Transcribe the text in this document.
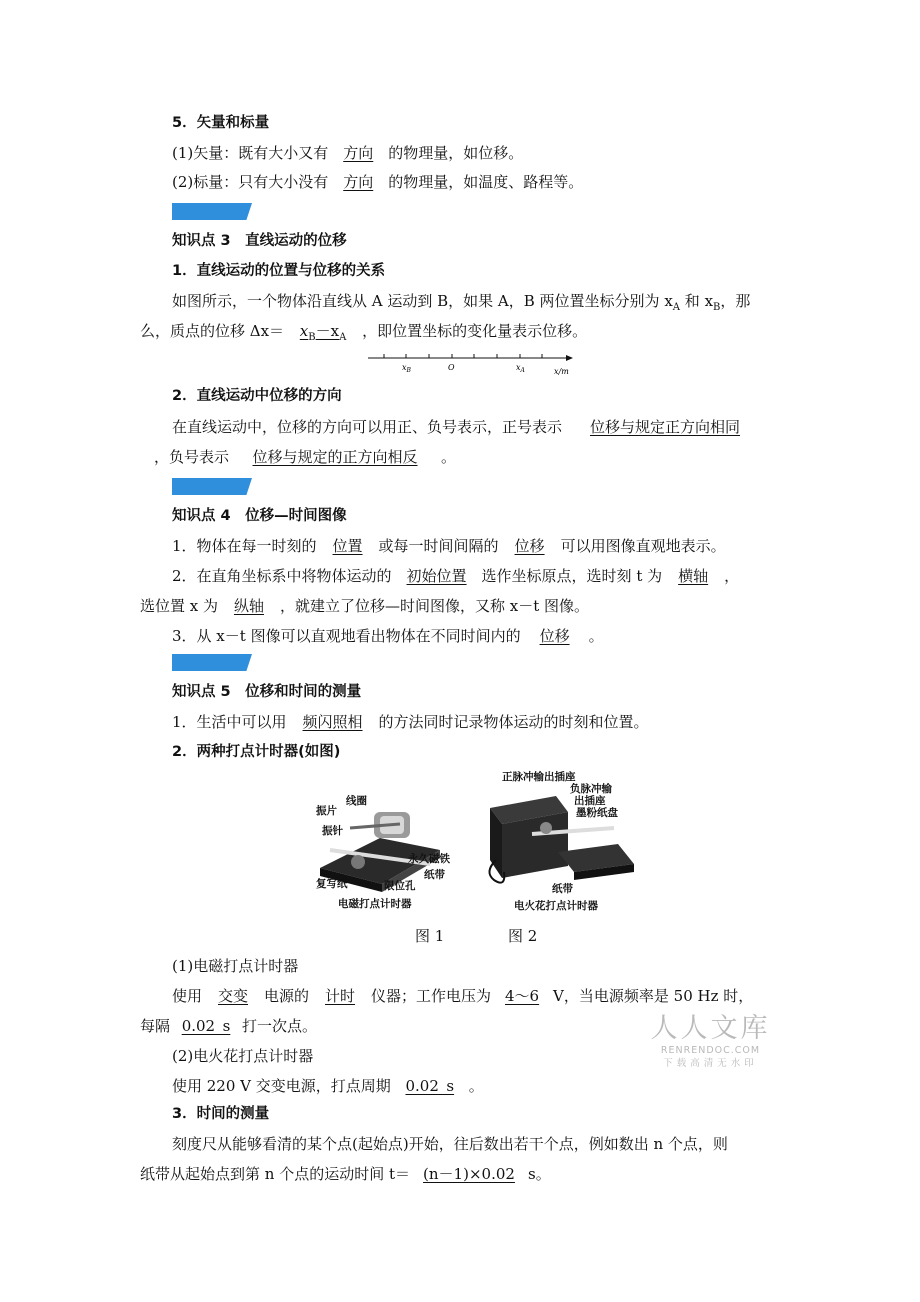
5．矢量和标量
(1)矢量：既有大小又有 方向 的物理量，如位移。
(2)标量：只有大小没有 方向 的物理量，如温度、路程等。
知识点 3　直线运动的位移
1．直线运动的位置与位移的关系
如图所示，一个物体沿直线从 A 运动到 B，如果 A，B 两位置坐标分别为 $x_A$ 和 $x_B$，那
么，质点的位移 $\Delta x= x_B-x_A$ ，即位置坐标的变化量表示位移。
$x_B$	O	$x_A$	x/m
2．直线运动中位移的方向
在直线运动中，位移的方向可以用正、负号表示，正号表示 位移与规定正方向相同
，负号表示 位移与规定的正方向相反 。
知识点 4　位移—时间图像
1．物体在每一时刻的 位置 或每一时间间隔的 位移 可以用图像直观地表示。
2．在直角坐标系中将物体运动的 初始位置 选作坐标原点，选时刻 t 为 横轴 ，
选位置 x 为 纵轴 ，就建立了位移—时间图像，又称 x－t 图像。
3．从 x－t 图像可以直观地看出物体在不同时间内的 位移 。
知识点 5　位移和时间的测量
1．生活中可以用 频闪照相 的方法同时记录物体运动的时刻和位置。
2．两种打点计时器(如图)
线圈
振片
振针
永久磁铁
纸带
复写纸	限位孔
电磁打点计时器
正脉冲输出插座
负脉冲输
出插座
墨粉纸盘
纸带
电火花打点计时器
图 1	图 2
(1)电磁打点计时器
使用 交变 电源的 计时 仪器；工作电压为 4～6 V，当电源频率是 50 Hz 时，
每隔 0.02_s 打一次点。
(2)电火花打点计时器
使用 220 V 交变电源，打点周期 0.02_s 。
3．时间的测量
刻度尺从能够看清的某个点(起始点)开始，往后数出若干个点，例如数出 n 个点，则
纸带从起始点到第 n 个点的运动时间 t＝ (n－1)×0.02 s。
人人文库
RENRENDOC.COM
下载高清无水印
